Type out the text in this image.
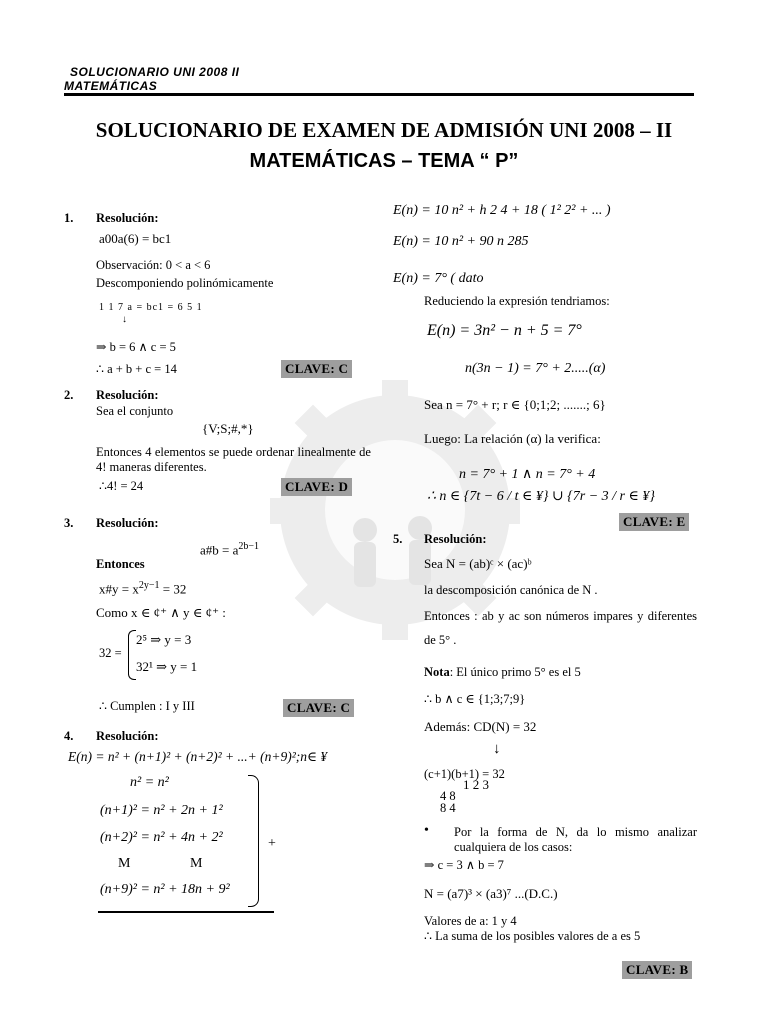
SOLUCIONARIO UNI 2008 II
MATEMÁTICAS
SOLUCIONARIO DE EXAMEN DE ADMISIÓN UNI 2008 – II
MATEMÁTICAS – TEMA “ P”
1. Resolución:
a00a(6) = bc1
Observación: 0 < a < 6
Descomponiendo polinómicamente
1 1 7 a = bc1 = 6 5 1
↓
⇒ b = 6 ∧ c = 5
∴ a + b + c = 14	CLAVE: C
2. Resolución:
Sea el conjunto
{V;S;#,*}
Entonces 4 elementos se puede ordenar linealmente de 4! maneras diferentes.
∴4! = 24	CLAVE: D
3. Resolución:
a#b = $a^{2b-1}$
Entonces
x#y = $x^{2y-1} = 32$
Como x ∈ ¢⁺ ∧ y ∈ ¢⁺ :
32 =
2⁵ ⇒ y = 3
32¹ ⇒ y = 1
∴ Cumplen : I y III	CLAVE: C
4. Resolución:
E(n) = n² + (n+1)² + (n+2)² + ...+ (n+9)²;n∈ ¥
n² = n²
(n+1)² = n² + 2n + 1²
(n+2)² = n² + 4n + 2²
M	M
(n+9)² = n² + 18n + 9²
+
E(n) = 10 n² + h 2 4 + 18 ( 1² 2² + ... )
E(n) = 10 n² + 90 n 285
E(n) = 7° ( dato
Reduciendo la expresión tendriamos:
E(n) = 3n² − n + 5 = 7°
n(3n − 1) = 7° + 2.....(α)
Sea n = 7° + r; r ∈ {0;1;2; .......; 6}
Luego: La relación (α) la verifica:
n = 7° + 1 ∧ n = 7° + 4
∴ n ∈ {7t − 6 / t ∈ ¥} ∪ {7r − 3 / r ∈ ¥}
CLAVE: E
5. Resolución:
Sea N = (ab)ᶜ × (ac)ᵇ
la descomposición canónica de N .
Entonces : ab y ac son números impares y diferentes de 5° .
Nota: El único primo 5° es el 5
∴ b ∧ c ∈ {1;3;7;9}
Además: CD(N) = 32
↓
(c+1)(b+1) = 32
1 2 3
4 8
8 4
• Por la forma de N, da lo mismo analizar cualquiera de los casos:
⇒ c = 3 ∧ b = 7
N = (a7)³ × (a3)⁷ ...(D.C.)
Valores de a: 1 y 4
∴ La suma de los posibles valores de a es 5
CLAVE: B
